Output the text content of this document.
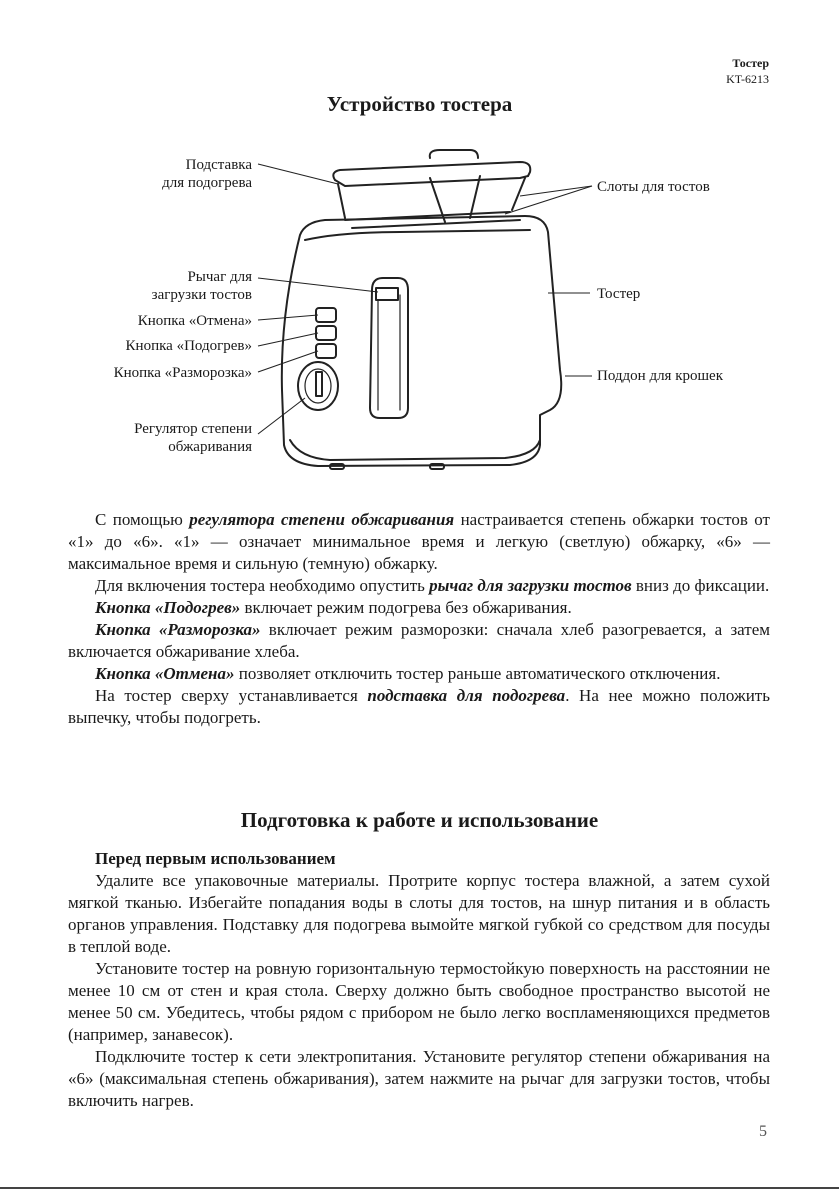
Тостер
KT-6213
Устройство тостера
Подставка
для подогрева	Слоты для тостов
Рычаг для
загрузки тостов	Тостер
Кнопка «Отмена»
Кнопка «Подогрев»
Кнопка «Разморозка»	Поддон для крошек
Регулятор степени
обжаривания

С помощью регулятора степени обжаривания настраивается степень обжарки тостов от «1» до «6». «1» — означает минимальное время и легкую (светлую) обжарку, «6» — максимальное время и сильную (темную) обжарку.

Для включения тостера необходимо опустить рычаг для загрузки тостов вниз до фиксации.

Кнопка «Подогрев» включает режим подогрева без обжаривания.

Кнопка «Разморозка» включает режим разморозки: сначала хлеб разогревается, а затем включается обжаривание хлеба.

Кнопка «Отмена» позволяет отключить тостер раньше автоматического отключения.

На тостер сверху устанавливается подставка для подогрева. На нее можно положить выпечку, чтобы подогреть.

Подготовка к работе и использование

Перед первым использованием

Удалите все упаковочные материалы. Протрите корпус тостера влажной, а затем сухой мягкой тканью. Избегайте попадания воды в слоты для тостов, на шнур питания и в область органов управления. Подставку для подогрева вымойте мягкой губкой со средством для посуды в теплой воде.

Установите тостер на ровную горизонтальную термостойкую поверхность на расстоянии не менее 10 см от стен и края стола. Сверху должно быть свободное пространство высотой не менее 50 см. Убедитесь, чтобы рядом с прибором не было легко воспламеняющихся предметов (например, занавесок).

Подключите тостер к сети электропитания. Установите регулятор степени обжаривания на «6» (максимальная степень обжаривания), затем нажмите на рычаг для загрузки тостов, чтобы включить нагрев.

5
